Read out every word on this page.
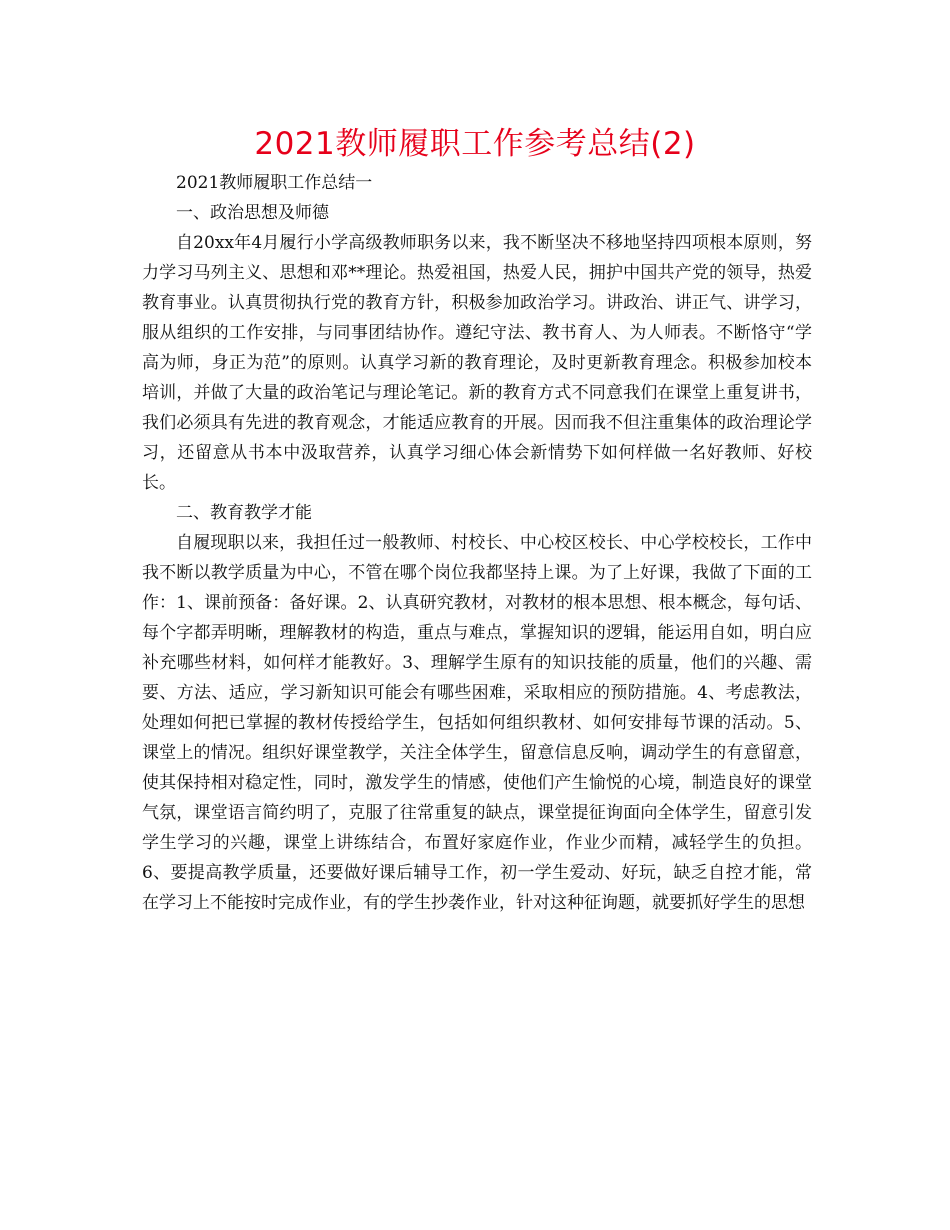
2021教师履职工作参考总结(2)

2021教师履职工作总结一

一、政治思想及师德

自20xx年4月履行小学高级教师职务以来，我不断坚决不移地坚持四项根本原则，努力学习马列主义、思想和邓**理论。热爱祖国，热爱人民，拥护中国共产党的领导，热爱教育事业。认真贯彻执行党的教育方针，积极参加政治学习。讲政治、讲正气、讲学习，服从组织的工作安排，与同事团结协作。遵纪守法、教书育人、为人师表。不断恪守“学高为师，身正为范”的原则。认真学习新的教育理论，及时更新教育理念。积极参加校本培训，并做了大量的政治笔记与理论笔记。新的教育方式不同意我们在课堂上重复讲书，我们必须具有先进的教育观念，才能适应教育的开展。因而我不但注重集体的政治理论学习，还留意从书本中汲取营养，认真学习细心体会新情势下如何样做一名好教师、好校长。

二、教育教学才能

自履现职以来，我担任过一般教师、村校长、中心校区校长、中心学校校长，工作中我不断以教学质量为中心，不管在哪个岗位我都坚持上课。为了上好课，我做了下面的工作：1、课前预备：备好课。2、认真研究教材，对教材的根本思想、根本概念，每句话、每个字都弄明晰，理解教材的构造，重点与难点，掌握知识的逻辑，能运用自如，明白应补充哪些材料，如何样才能教好。3、理解学生原有的知识技能的质量，他们的兴趣、需要、方法、适应，学习新知识可能会有哪些困难，采取相应的预防措施。4、考虑教法，处理如何把已掌握的教材传授给学生，包括如何组织教材、如何安排每节课的活动。5、课堂上的情况。组织好课堂教学，关注全体学生，留意信息反响，调动学生的有意留意，使其保持相对稳定性，同时，激发学生的情感，使他们产生愉悦的心境，制造良好的课堂气氛，课堂语言简约明了，克服了往常重复的缺点，课堂提征询面向全体学生，留意引发学生学习的兴趣，课堂上讲练结合，布置好家庭作业，作业少而精，减轻学生的负担。6、要提高教学质量，还要做好课后辅导工作，初一学生爱动、好玩，缺乏自控才能，常在学习上不能按时完成作业，有的学生抄袭作业，针对这种征询题，就要抓好学生的思想
